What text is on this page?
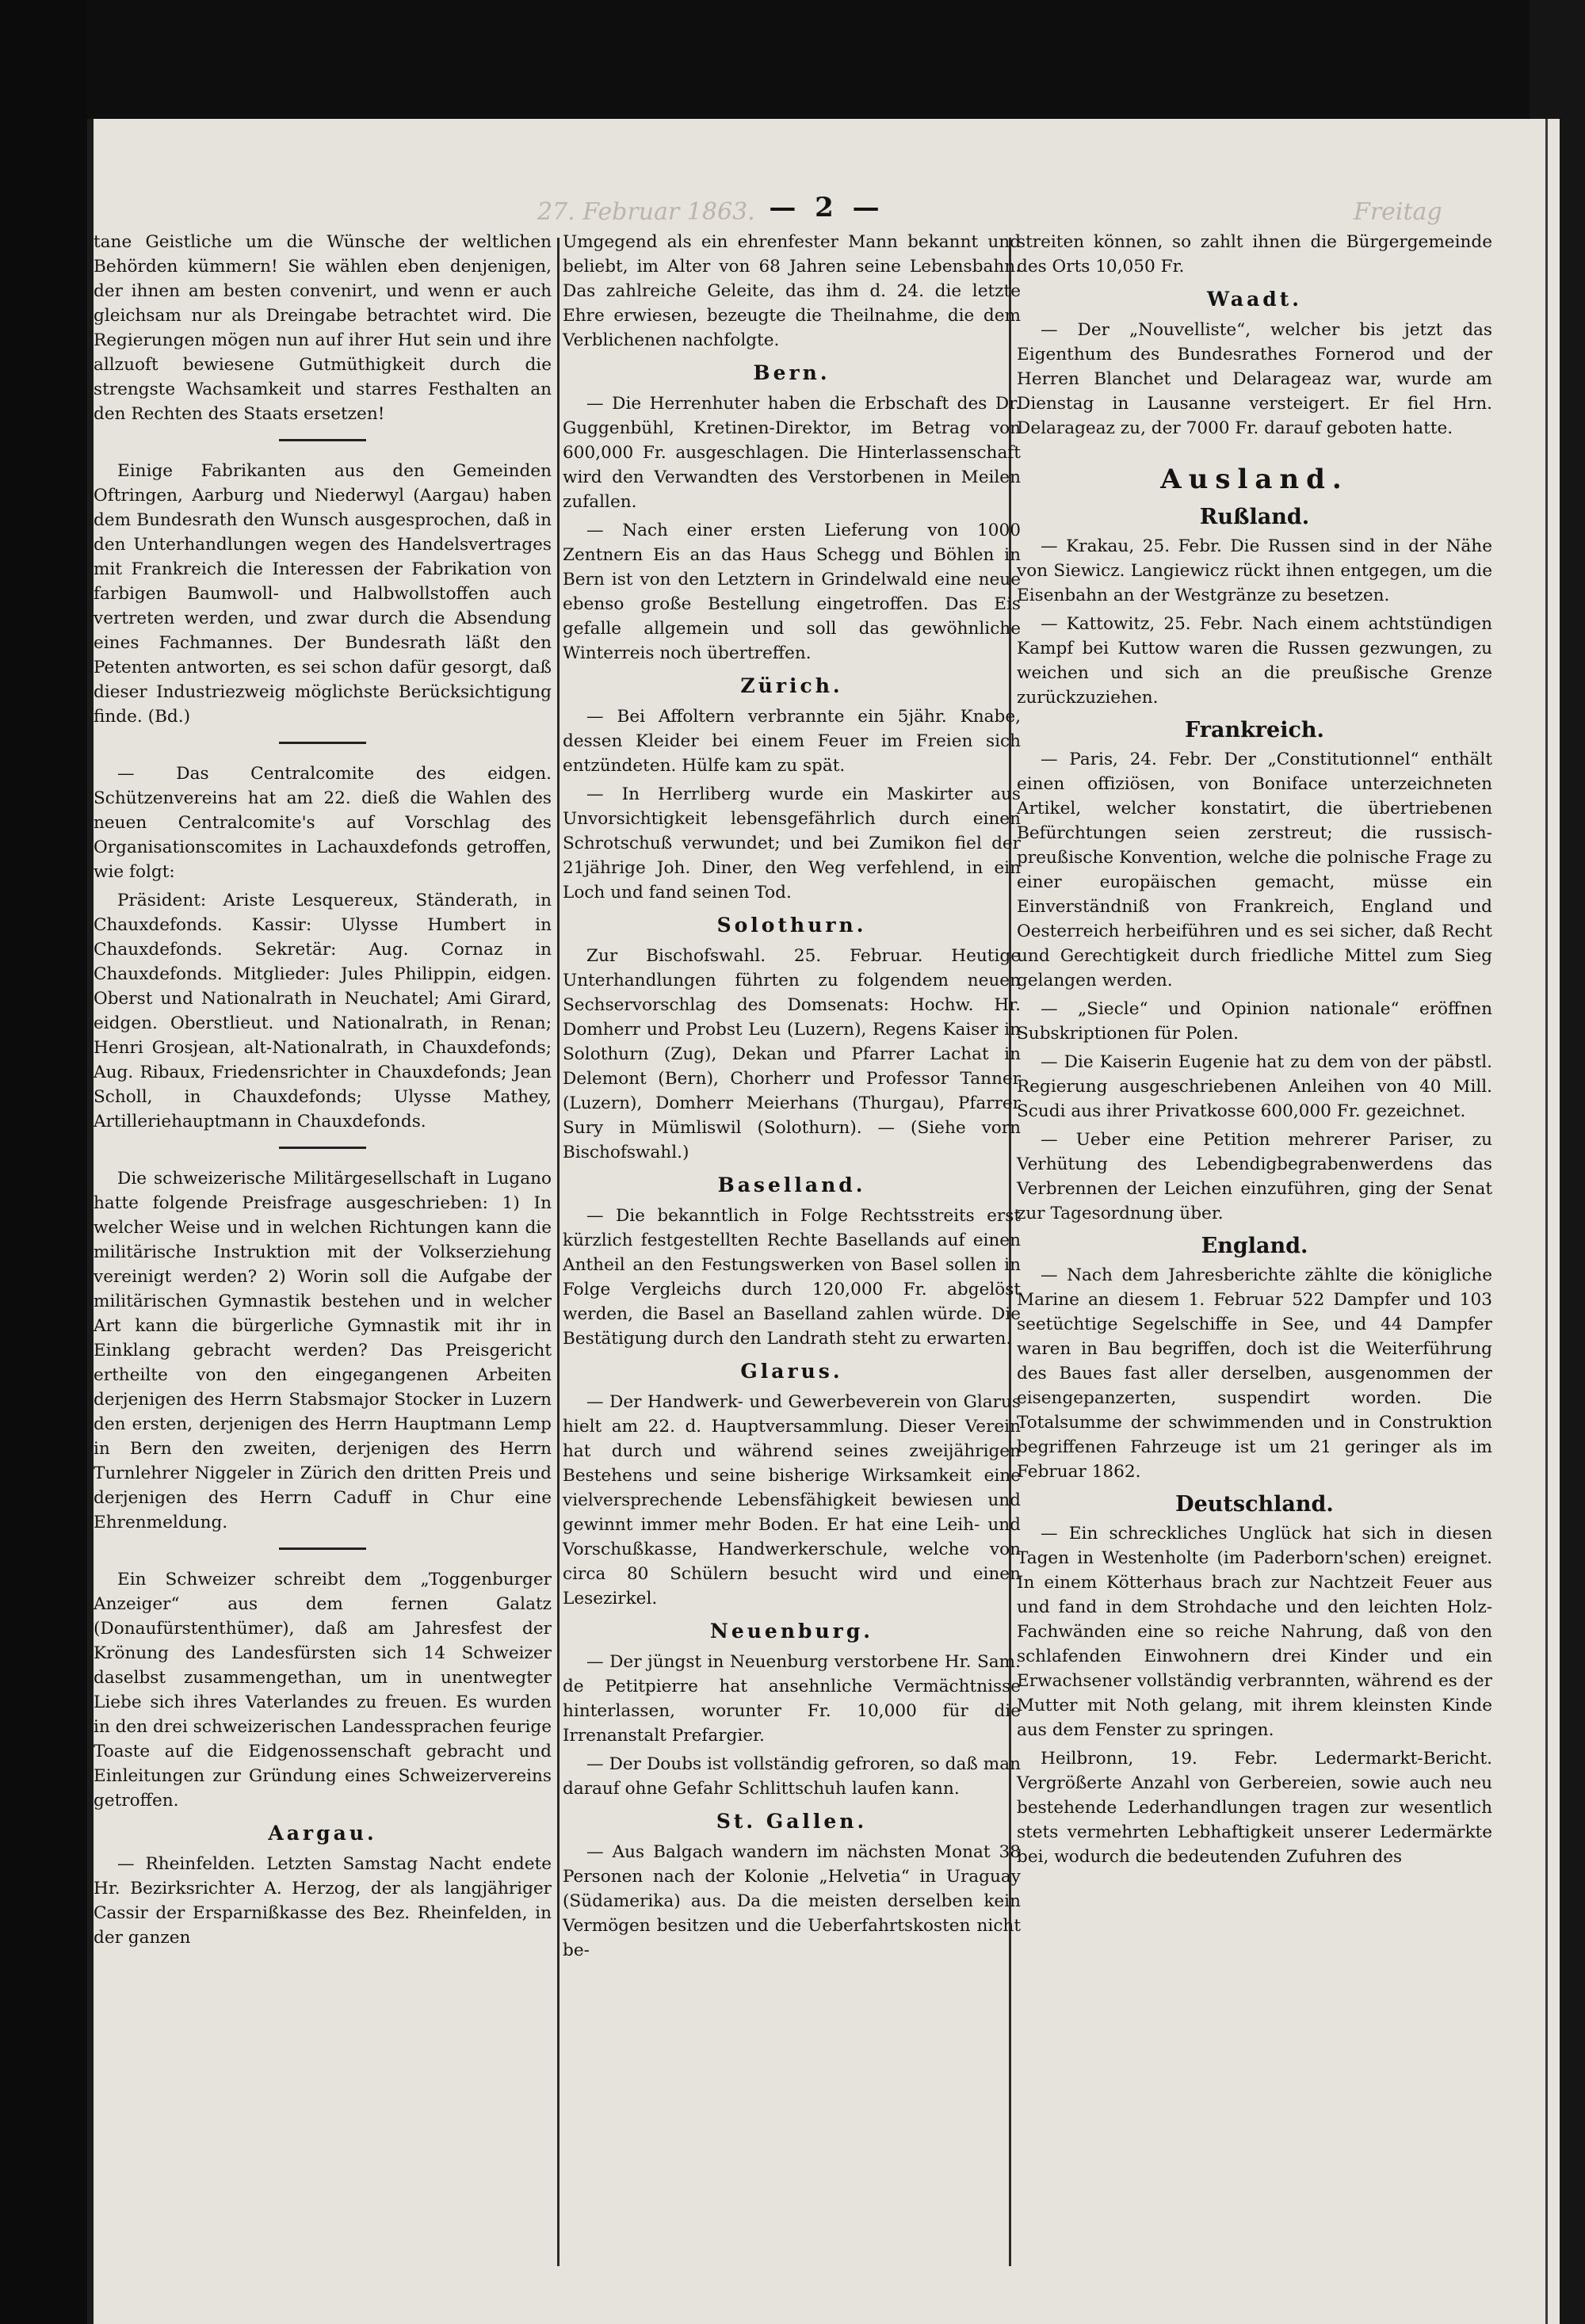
27. Februar 1863.	Freitag
— 2 —

tane Geistliche um die Wünsche der weltlichen Behörden kümmern! Sie wählen eben denjenigen, der ihnen am besten convenirt, und wenn er auch gleichsam nur als Dreingabe betrachtet wird. Die Regierungen mögen nun auf ihrer Hut sein und ihre allzuoft bewiesene Gutmüthigkeit durch die strengste Wachsamkeit und starres Festhalten an den Rechten des Staats ersetzen!

Einige Fabrikanten aus den Gemeinden Oftringen, Aarburg und Niederwyl (Aargau) haben dem Bundesrath den Wunsch ausgesprochen, daß in den Unterhandlungen wegen des Handelsvertrages mit Frankreich die Interessen der Fabrikation von farbigen Baumwoll- und Halbwollstoffen auch vertreten werden, und zwar durch die Absendung eines Fachmannes. Der Bundesrath läßt den Petenten antworten, es sei schon dafür gesorgt, daß dieser Industriezweig möglichste Berücksichtigung finde. (Bd.)

— Das Centralcomite des eidgen. Schützenvereins hat am 22. dieß die Wahlen des neuen Centralcomite's auf Vorschlag des Organisationscomites in Lachauxdefonds getroffen, wie folgt:

Präsident: Ariste Lesquereux, Ständerath, in Chauxdefonds. Kassir: Ulysse Humbert in Chauxdefonds. Sekretär: Aug. Cornaz in Chauxdefonds. Mitglieder: Jules Philippin, eidgen. Oberst und Nationalrath in Neuchatel; Ami Girard, eidgen. Oberstlieut. und Nationalrath, in Renan; Henri Grosjean, alt-Nationalrath, in Chauxdefonds; Aug. Ribaux, Friedensrichter in Chauxdefonds; Jean Scholl, in Chauxdefonds; Ulysse Mathey, Artilleriehauptmann in Chauxdefonds.

Die schweizerische Militärgesellschaft in Lugano hatte folgende Preisfrage ausgeschrieben: 1) In welcher Weise und in welchen Richtungen kann die militärische Instruktion mit der Volkserziehung vereinigt werden? 2) Worin soll die Aufgabe der militärischen Gymnastik bestehen und in welcher Art kann die bürgerliche Gymnastik mit ihr in Einklang gebracht werden? Das Preisgericht ertheilte von den eingegangenen Arbeiten derjenigen des Herrn Stabsmajor Stocker in Luzern den ersten, derjenigen des Herrn Hauptmann Lemp in Bern den zweiten, derjenigen des Herrn Turnlehrer Niggeler in Zürich den dritten Preis und derjenigen des Herrn Caduff in Chur eine Ehrenmeldung.

Ein Schweizer schreibt dem „Toggenburger Anzeiger“ aus dem fernen Galatz (Donaufürstenthümer), daß am Jahresfest der Krönung des Landesfürsten sich 14 Schweizer daselbst zusammengethan, um in unentwegter Liebe sich ihres Vaterlandes zu freuen. Es wurden in den drei schweizerischen Landessprachen feurige Toaste auf die Eidgenossenschaft gebracht und Einleitungen zur Gründung eines Schweizervereins getroffen.

Aargau.

— Rheinfelden. Letzten Samstag Nacht endete Hr. Bezirksrichter A. Herzog, der als langjähriger Cassir der Ersparnißkasse des Bez. Rheinfelden, in der ganzen

Umgegend als ein ehrenfester Mann bekannt und beliebt, im Alter von 68 Jahren seine Lebensbahn. Das zahlreiche Geleite, das ihm d. 24. die letzte Ehre erwiesen, bezeugte die Theilnahme, die dem Verblichenen nachfolgte.

Bern.

— Die Herrenhuter haben die Erbschaft des Dr. Guggenbühl, Kretinen-Direktor, im Betrag von 600,000 Fr. ausgeschlagen. Die Hinterlassenschaft wird den Verwandten des Verstorbenen in Meilen zufallen.

— Nach einer ersten Lieferung von 1000 Zentnern Eis an das Haus Schegg und Böhlen in Bern ist von den Letztern in Grindelwald eine neue ebenso große Bestellung eingetroffen. Das Eis gefalle allgemein und soll das gewöhnliche Winterreis noch übertreffen.

Zürich.

— Bei Affoltern verbrannte ein 5jähr. Knabe, dessen Kleider bei einem Feuer im Freien sich entzündeten. Hülfe kam zu spät.

— In Herrliberg wurde ein Maskirter aus Unvorsichtigkeit lebensgefährlich durch einen Schrotschuß verwundet; und bei Zumikon fiel der 21jährige Joh. Diner, den Weg verfehlend, in ein Loch und fand seinen Tod.

Solothurn.

Zur Bischofswahl. 25. Februar. Heutige Unterhandlungen führten zu folgendem neuen Sechservorschlag des Domsenats: Hochw. Hr. Domherr und Probst Leu (Luzern), Regens Kaiser in Solothurn (Zug), Dekan und Pfarrer Lachat in Delemont (Bern), Chorherr und Professor Tanner (Luzern), Domherr Meierhans (Thurgau), Pfarrer Sury in Mümliswil (Solothurn). — (Siehe vorn Bischofswahl.)

Baselland.

— Die bekanntlich in Folge Rechtsstreits erst kürzlich festgestellten Rechte Basellands auf einen Antheil an den Festungswerken von Basel sollen in Folge Vergleichs durch 120,000 Fr. abgelöst werden, die Basel an Baselland zahlen würde. Die Bestätigung durch den Landrath steht zu erwarten.

Glarus.

— Der Handwerk- und Gewerbeverein von Glarus hielt am 22. d. Hauptversammlung. Dieser Verein hat durch und während seines zweijährigen Bestehens und seine bisherige Wirksamkeit eine vielversprechende Lebensfähigkeit bewiesen und gewinnt immer mehr Boden. Er hat eine Leih- und Vorschußkasse, Handwerkerschule, welche von circa 80 Schülern besucht wird und einen Lesezirkel.

Neuenburg.

— Der jüngst in Neuenburg verstorbene Hr. Sam. de Petitpierre hat ansehnliche Vermächtnisse hinterlassen, worunter Fr. 10,000 für die Irrenanstalt Prefargier.

— Der Doubs ist vollständig gefroren, so daß man darauf ohne Gefahr Schlittschuh laufen kann.

St. Gallen.

— Aus Balgach wandern im nächsten Monat 38 Personen nach der Kolonie „Helvetia“ in Uraguay (Südamerika) aus. Da die meisten derselben kein Vermögen besitzen und die Ueberfahrtskosten nicht be-

streiten können, so zahlt ihnen die Bürgergemeinde des Orts 10,050 Fr.

Waadt.

— Der „Nouvelliste“, welcher bis jetzt das Eigenthum des Bundesrathes Fornerod und der Herren Blanchet und Delarageaz war, wurde am Dienstag in Lausanne versteigert. Er fiel Hrn. Delarageaz zu, der 7000 Fr. darauf geboten hatte.

Ausland.
Rußland.

— Krakau, 25. Febr. Die Russen sind in der Nähe von Siewicz. Langiewicz rückt ihnen entgegen, um die Eisenbahn an der Westgränze zu besetzen.

— Kattowitz, 25. Febr. Nach einem achtstündigen Kampf bei Kuttow waren die Russen gezwungen, zu weichen und sich an die preußische Grenze zurückzuziehen.

Frankreich.

— Paris, 24. Febr. Der „Constitutionnel“ enthält einen offiziösen, von Boniface unterzeichneten Artikel, welcher konstatirt, die übertriebenen Befürchtungen seien zerstreut; die russisch-preußische Konvention, welche die polnische Frage zu einer europäischen gemacht, müsse ein Einverständniß von Frankreich, England und Oesterreich herbeiführen und es sei sicher, daß Recht und Gerechtigkeit durch friedliche Mittel zum Sieg gelangen werden.

— „Siecle“ und Opinion nationale“ eröffnen Subskriptionen für Polen.

— Die Kaiserin Eugenie hat zu dem von der päbstl. Regierung ausgeschriebenen Anleihen von 40 Mill. Scudi aus ihrer Privatkosse 600,000 Fr. gezeichnet.

— Ueber eine Petition mehrerer Pariser, zu Verhütung des Lebendigbegrabenwerdens das Verbrennen der Leichen einzuführen, ging der Senat zur Tagesordnung über.

England.

— Nach dem Jahresberichte zählte die königliche Marine an diesem 1. Februar 522 Dampfer und 103 seetüchtige Segelschiffe in See, und 44 Dampfer waren in Bau begriffen, doch ist die Weiterführung des Baues fast aller derselben, ausgenommen der eisengepanzerten, suspendirt worden. Die Totalsumme der schwimmenden und in Construktion begriffenen Fahrzeuge ist um 21 geringer als im Februar 1862.

Deutschland.

— Ein schreckliches Unglück hat sich in diesen Tagen in Westenholte (im Paderborn'schen) ereignet. In einem Kötterhaus brach zur Nachtzeit Feuer aus und fand in dem Strohdache und den leichten Holz-Fachwänden eine so reiche Nahrung, daß von den schlafenden Einwohnern drei Kinder und ein Erwachsener vollständig verbrannten, während es der Mutter mit Noth gelang, mit ihrem kleinsten Kinde aus dem Fenster zu springen.

Heilbronn, 19. Febr. Ledermarkt-Bericht. Vergrößerte Anzahl von Gerbereien, sowie auch neu bestehende Lederhandlungen tragen zur wesentlich stets vermehrten Lebhaftigkeit unserer Ledermärkte bei, wodurch die bedeutenden Zufuhren des
